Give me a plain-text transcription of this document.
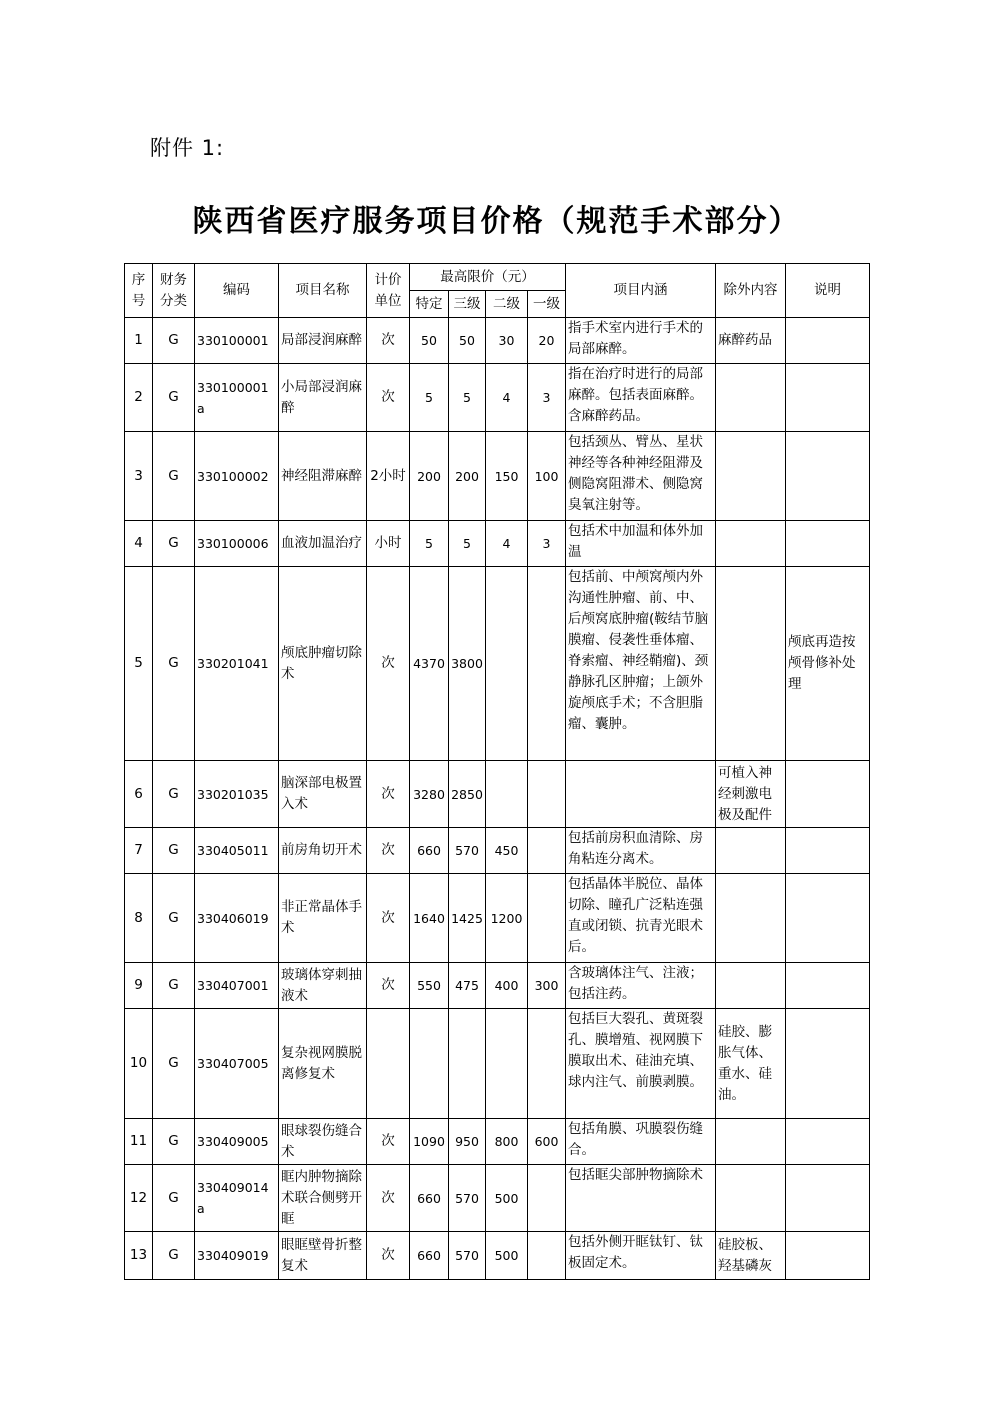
附件 1:
陕西省医疗服务项目价格（规范手术部分）
序号	财务分类	编码	项目名称	计价单位	最高限价（元）				项目内涵	除外内容	说明
					特定	三级	二级	一级			
1	G	330100001	局部浸润麻醉	次	50	50	30	20	指手术室内进行手术的局部麻醉。	麻醉药品	
2	G	330100001a	小局部浸润麻醉	次	5	5	4	3	指在治疗时进行的局部麻醉。包括表面麻醉。含麻醉药品。		
3	G	330100002	神经阻滞麻醉	2小时	200	200	150	100	包括颈丛、臂丛、星状神经等各种神经阻滞及侧隐窝阻滞术、侧隐窝臭氧注射等。		
4	G	330100006	血液加温治疗	小时	5	5	4	3	包括术中加温和体外加温		
5	G	330201041	颅底肿瘤切除术	次	4370	3800			包括前、中颅窝颅内外沟通性肿瘤、前、中、后颅窝底肿瘤(鞍结节脑膜瘤、侵袭性垂体瘤、脊索瘤、神经鞘瘤)、颈静脉孔区肿瘤；上颌外旋颅底手术；不含胆脂瘤、囊肿。		颅底再造按颅骨修补处理
6	G	330201035	脑深部电极置入术	次	3280	2850				可植入神经刺激电极及配件	
7	G	330405011	前房角切开术	次	660	570	450		包括前房积血清除、房角粘连分离术。		
8	G	330406019	非正常晶体手术	次	1640	1425	1200		包括晶体半脱位、晶体切除、瞳孔广泛粘连强直或闭锁、抗青光眼术后。		
9	G	330407001	玻璃体穿刺抽液术	次	550	475	400	300	含玻璃体注气、注液；包括注药。		
10	G	330407005	复杂视网膜脱离修复术						包括巨大裂孔、黄斑裂孔、膜增殖、视网膜下膜取出术、硅油充填、球内注气、前膜剥膜。	硅胶、膨胀气体、重水、硅油。	
11	G	330409005	眼球裂伤缝合术	次	1090	950	800	600	包括角膜、巩膜裂伤缝合。		
12	G	330409014a	眶内肿物摘除术联合侧劈开眶	次	660	570	500		包括眶尖部肿物摘除术		
13	G	330409019	眼眶壁骨折整复术	次	660	570	500		包括外侧开眶钛钉、钛板固定术。	硅胶板、羟基磷灰	
